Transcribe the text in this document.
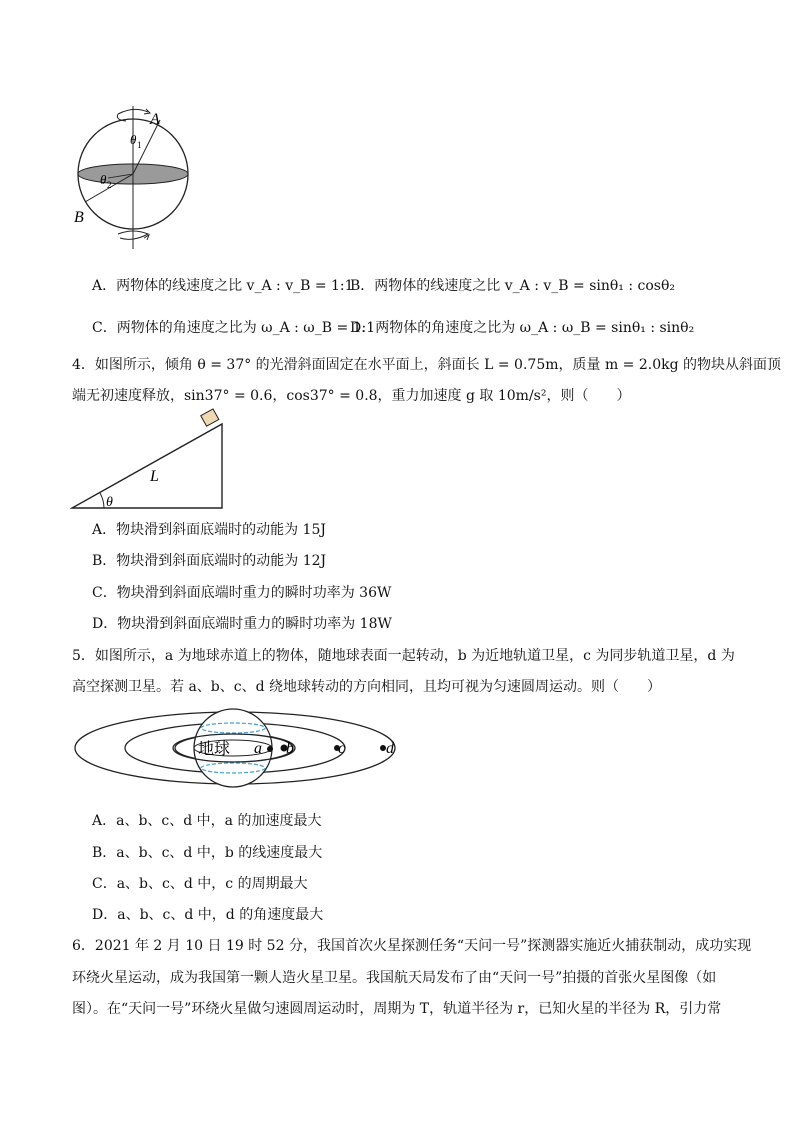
A
B
θ 1
θ 2
A．两物体的线速度之比 v_A : v_B = 1:1
B．两物体的线速度之比 v_A : v_B = sinθ₁ : cosθ₂
C．两物体的角速度之比为 ω_A : ω_B = 1:1
D．两物体的角速度之比为 ω_A : ω_B = sinθ₁ : sinθ₂
4．如图所示，倾角 θ = 37° 的光滑斜面固定在水平面上，斜面长 L = 0.75m，质量 m = 2.0kg 的物块从斜面顶
端无初速度释放，sin37° = 0.6，cos37° = 0.8，重力加速度 g 取 10m/s²，则（　　）
L
θ
A．物块滑到斜面底端时的动能为 15J
B．物块滑到斜面底端时的动能为 12J
C．物块滑到斜面底端时重力的瞬时功率为 36W
D．物块滑到斜面底端时重力的瞬时功率为 18W
5．如图所示，a 为地球赤道上的物体，随地球表面一起转动，b 为近地轨道卫星，c 为同步轨道卫星，d 为
高空探测卫星。若 a、b、c、d 绕地球转动的方向相同，且均可视为匀速圆周运动。则（　　）
地球 a b	c	d
A．a、b、c、d 中，a 的加速度最大
B．a、b、c、d 中，b 的线速度最大
C．a、b、c、d 中，c 的周期最大
D．a、b、c、d 中，d 的角速度最大
6．2021 年 2 月 10 日 19 时 52 分，我国首次火星探测任务“天问一号”探测器实施近火捕获制动，成功实现
环绕火星运动，成为我国第一颗人造火星卫星。我国航天局发布了由“天问一号”拍摄的首张火星图像（如
图）。在“天问一号”环绕火星做匀速圆周运动时，周期为 T，轨道半径为 r，已知火星的半径为 R，引力常
